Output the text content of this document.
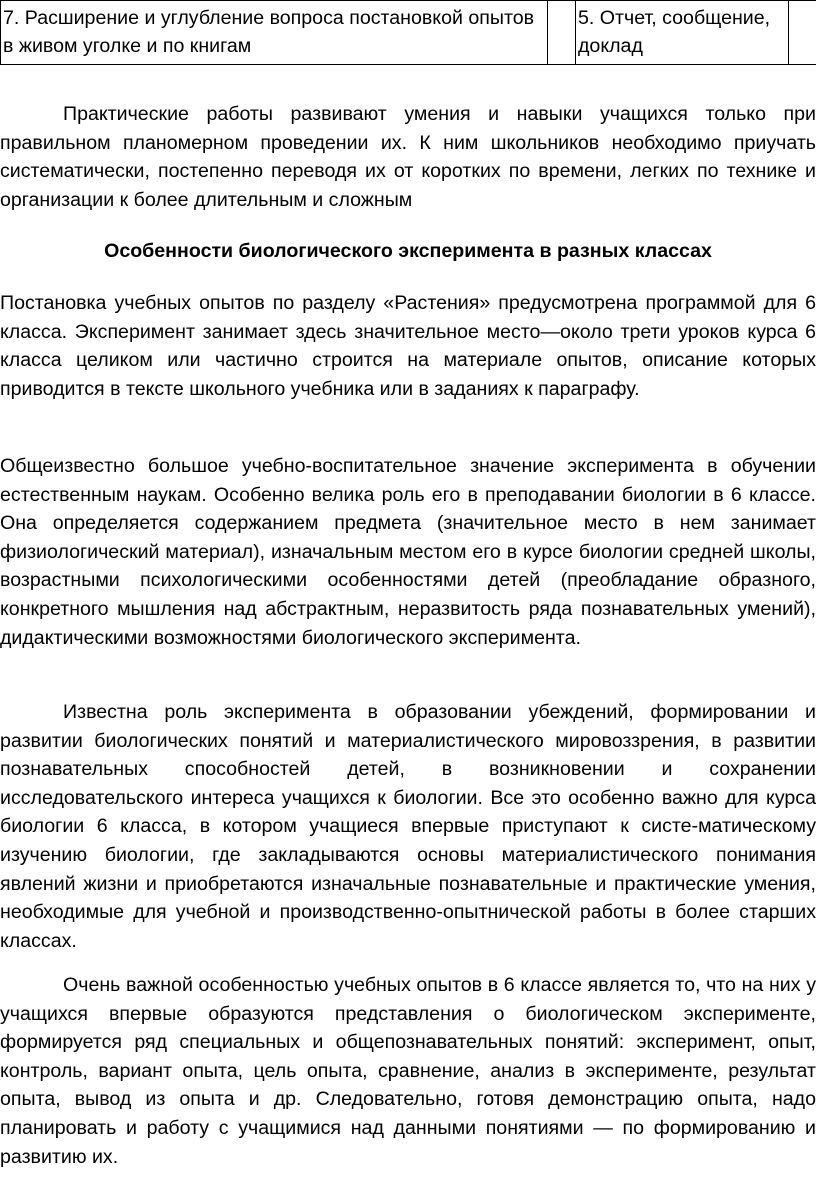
7. Расширение и углубление вопроса постановкой опытов в живом уголке и по книгам		5. Отчет, сообщение, доклад	

Практические работы развивают умения и навыки учащихся только при правильном планомерном проведении их. К ним школьников необходимо приучать систематически, постепенно переводя их от коротких по времени, легких по технике и организации к более длительным и сложным

Особенности биологического эксперимента в разных классах

Постановка учебных опытов по разделу «Растения» предусмотрена программой для 6 класса. Эксперимент занимает здесь значительное место—около трети уроков курса 6 класса целиком или частично строится на материале опытов, описание которых приводится в тексте школьного учебника или в заданиях к параграфу.

Общеизвестно большое учебно-воспитательное значение эксперимента в обучении естественным наукам. Особенно велика роль его в преподавании биологии в 6 классе. Она определяется содержанием предмета (значительное место в нем занимает физиологический материал), изначальным местом его в курсе биологии средней школы, возрастными психологическими особенностями детей (преобладание образного, конкретного мышления над абстрактным, неразвитость ряда познавательных умений), дидактическими возможностями биологического эксперимента.

Известна роль эксперимента в образовании убеждений, формировании и развитии биологических понятий и материалистического мировоззрения, в развитии познавательных способностей детей, в возникновении и сохранении исследовательского интереса учащихся к биологии. Все это особенно важно для курса биологии 6 класса, в котором учащиеся впервые приступают к систе-матическому изучению биологии, где закладываются основы материалистического понимания явлений жизни и приобретаются изначальные познавательные и практические умения, необходимые для учебной и производственно-опытнической работы в более старших классах.

Очень важной особенностью учебных опытов в 6 классе является то, что на них у учащихся впервые образуются представления о биологическом эксперименте, формируется ряд специальных и общепознавательных понятий: эксперимент, опыт, контроль, вариант опыта, цель опыта, сравнение, анализ в эксперименте, результат опыта, вывод из опыта и др. Следовательно, готовя демонстрацию опыта, надо планировать и работу с учащимися над данными понятиями — по формированию и развитию их.
